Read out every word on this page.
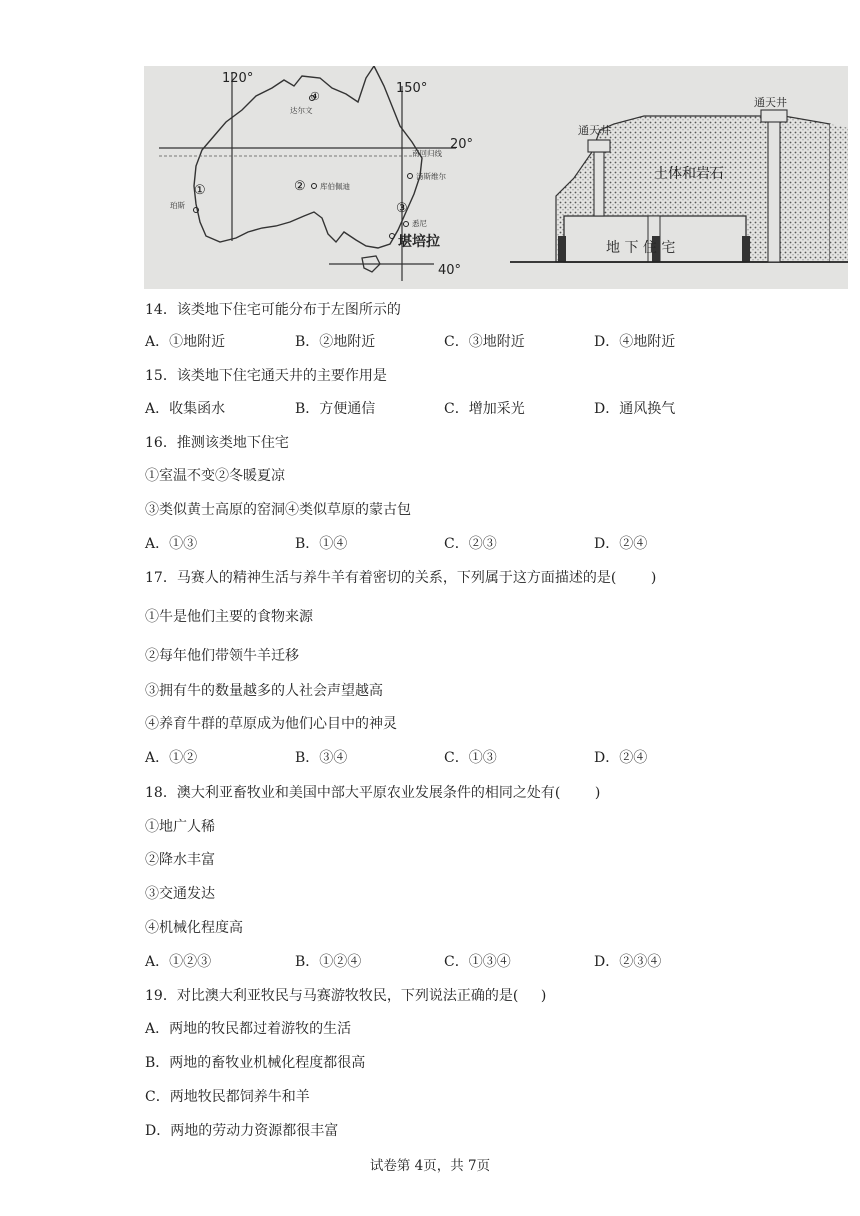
120°
150°
20°
40°
①	②
③
④
达尔文
珀斯
库伯佩迪
南回归线
汤斯维尔
悉尼
堪培拉
通天井
通天井
土体和岩石
地 下 住 宅
14．该类地下住宅可能分布于左图所示的
A．①地附近	B．②地附近	C．③地附近	D．④地附近
15．该类地下住宅通天井的主要作用是
A．收集函水	B．方便通信	C．增加采光	D．通风换气
16．推测该类地下住宅
①室温不变②冬暖夏凉
③类似黄士高原的窑洞④类似草原的蒙古包
A．①③	B．①④	C．②③	D．②④
17．马赛人的精神生活与养牛羊有着密切的关系，下列属于这方面描述的是( )
①牛是他们主要的食物来源
②每年他们带领牛羊迁移
③拥有牛的数量越多的人社会声望越高
④养育牛群的草原成为他们心目中的神灵
A．①②	B．③④	C．①③	D．②④
18．澳大利亚畜牧业和美国中部大平原农业发展条件的相同之处有( )
①地广人稀
②降水丰富
③交通发达
④机械化程度高
A．①②③	B．①②④	C．①③④	D．②③④
19．对比澳大利亚牧民与马赛游牧牧民，下列说法正确的是( )
A．两地的牧民都过着游牧的生活
B．两地的畜牧业机械化程度都很高
C．两地牧民都饲养牛和羊
D．两地的劳动力资源都很丰富
试卷第 4页，共 7页
